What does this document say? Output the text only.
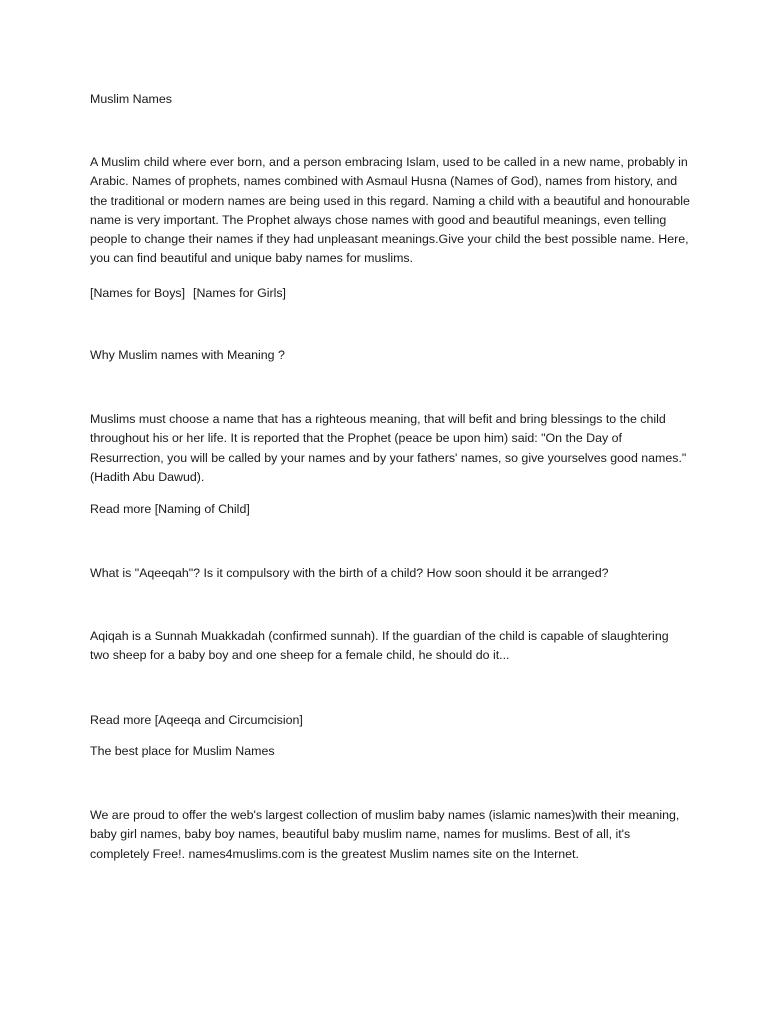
Muslim Names

A Muslim child where ever born, and a person embracing Islam, used to be called in a new name, probably in Arabic. Names of prophets, names combined with Asmaul Husna (Names of God), names from history, and the traditional or modern names are being used in this regard. Naming a child with a beautiful and honourable name is very important. The Prophet always chose names with good and beautiful meanings, even telling people to change their names if they had unpleasant meanings.Give your child the best possible name. Here, you can find beautiful and unique baby names for muslims.

[Names for Boys] [Names for Girls]

Why Muslim names with Meaning ?

Muslims must choose a name that has a righteous meaning, that will befit and bring blessings to the child throughout his or her life. It is reported that the Prophet (peace be upon him) said: "On the Day of Resurrection, you will be called by your names and by your fathers' names, so give yourselves good names." (Hadith Abu Dawud).

Read more [Naming of Child]

What is "Aqeeqah"? Is it compulsory with the birth of a child? How soon should it be arranged?

Aqiqah is a Sunnah Muakkadah (confirmed sunnah). If the guardian of the child is capable of slaughtering two sheep for a baby boy and one sheep for a female child, he should do it...

Read more [Aqeeqa and Circumcision]

The best place for Muslim Names

We are proud to offer the web's largest collection of muslim baby names (islamic names)with their meaning, baby girl names, baby boy names, beautiful baby muslim name, names for muslims. Best of all, it's completely Free!. names4muslims.com is the greatest Muslim names site on the Internet.
